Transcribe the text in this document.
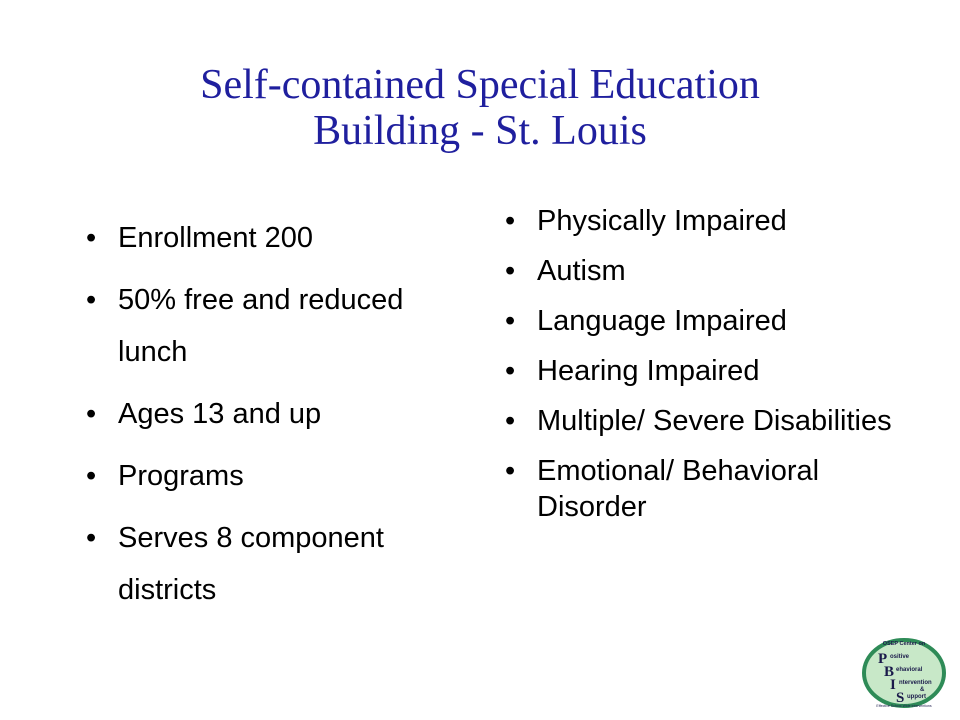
Self-contained Special Education
Building - St. Louis
• Enrollment 200
• 50% free and reduced lunch
• Ages 13 and up
• Programs
• Serves 8 component districts
• Physically Impaired
• Autism
• Language Impaired
• Hearing Impaired
• Multiple/ Severe Disabilities
• Emotional/ Behavioral Disorder
OSEP Center on
P
B
I
S
ositive
ehavioral
ntervention
&
upport
Effective School-Wide Interventions
